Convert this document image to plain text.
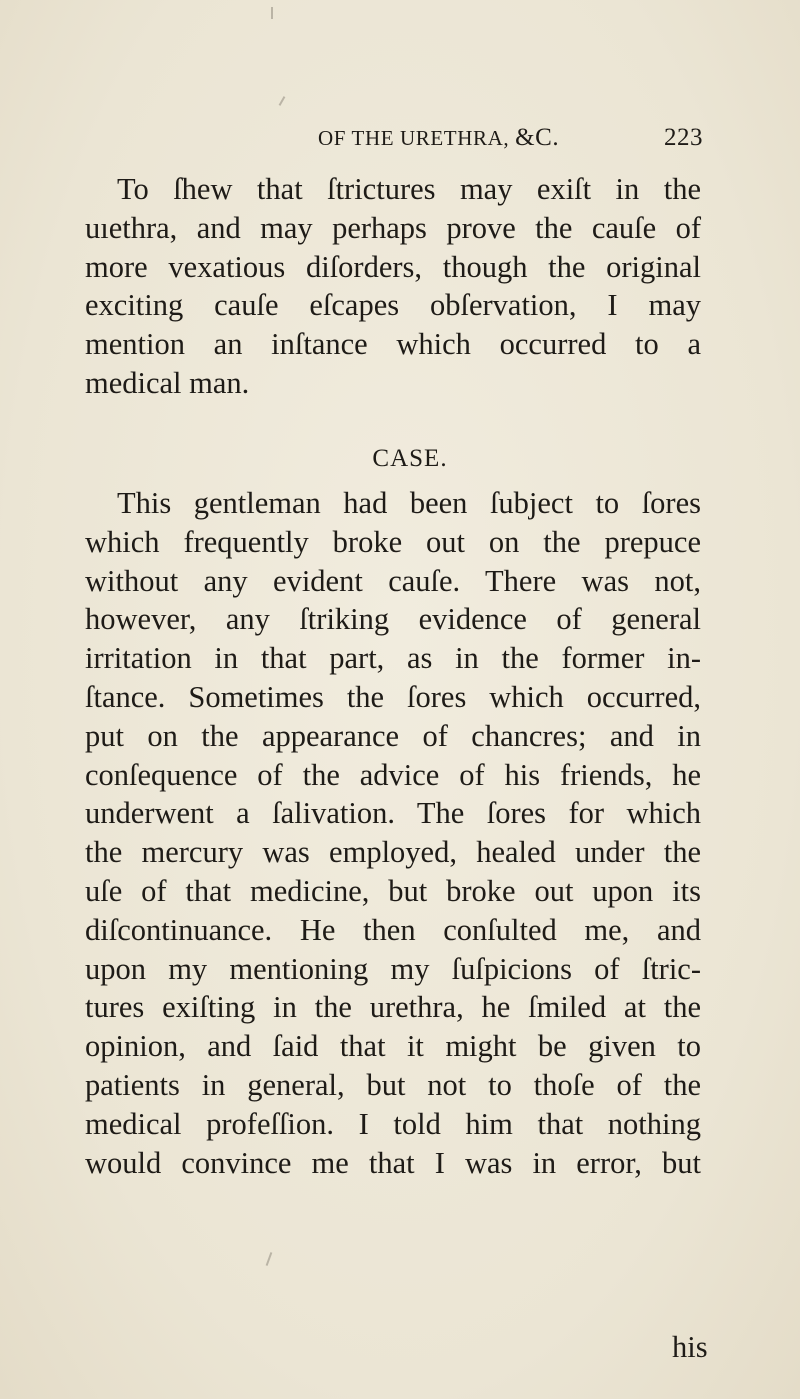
OF THE URETHRA, &C.	223
To ſhew that ſtrictures may exiſt in the
uıethra, and may perhaps prove the cauſe of
more vexatious diſorders, though the original
exciting cauſe eſcapes obſervation, I may
mention an inſtance which occurred to a
medical man.
CASE.
This gentleman had been ſubject to ſores
which frequently broke out on the prepuce
without any evident cauſe. There was not,
however, any ſtriking evidence of general
irritation in that part, as in the former in-
ſtance. Sometimes the ſores which occurred,
put on the appearance of chancres; and in
conſequence of the advice of his friends, he
underwent a ſalivation. The ſores for which
the mercury was employed, healed under the
uſe of that medicine, but broke out upon its
diſcontinuance. He then conſulted me, and
upon my mentioning my ſuſpicions of ſtric-
tures exiſting in the urethra, he ſmiled at the
opinion, and ſaid that it might be given to
patients in general, but not to thoſe of the
medical profeſſion. I told him that nothing
would convince me that I was in error, but
his
